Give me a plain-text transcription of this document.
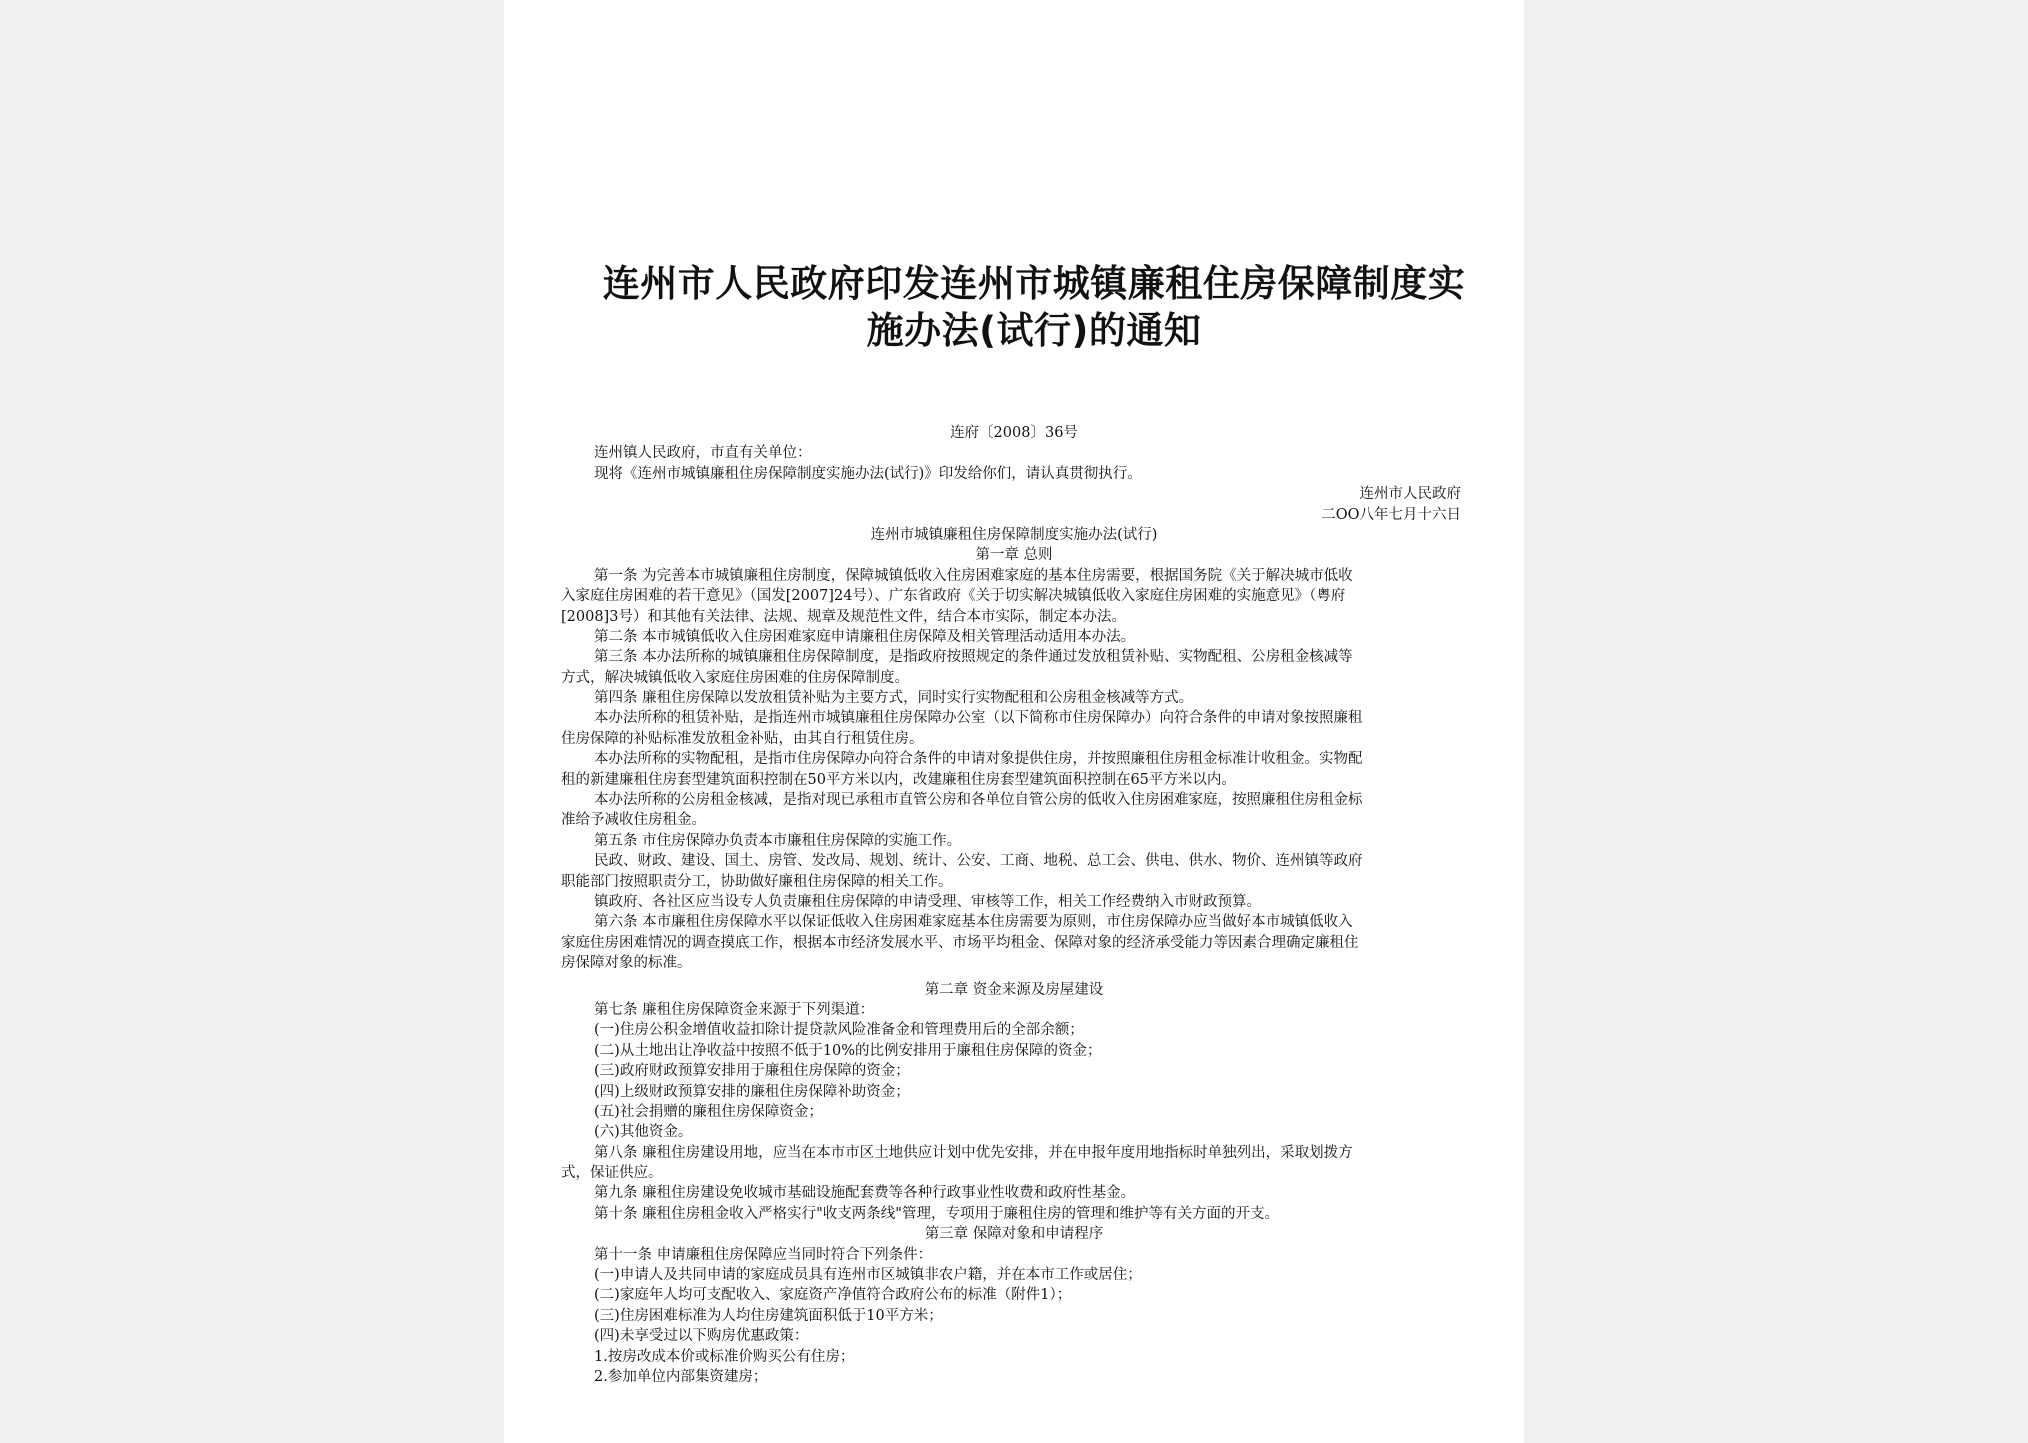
连州市人民政府印发连州市城镇廉租住房保障制度实
施办法(试行)的通知
连府〔2008〕36号
连州镇人民政府，市直有关单位：
现将《连州市城镇廉租住房保障制度实施办法(试行)》印发给你们，请认真贯彻执行。
连州市人民政府
二OO八年七月十六日
连州市城镇廉租住房保障制度实施办法(试行)
第一章 总则
第一条 为完善本市城镇廉租住房制度，保障城镇低收入住房困难家庭的基本住房需要，根据国务院《关于解决城市低收
入家庭住房困难的若干意见》（国发[2007]24号）、广东省政府《关于切实解决城镇低收入家庭住房困难的实施意见》（粤府
[2008]3号）和其他有关法律、法规、规章及规范性文件，结合本市实际，制定本办法。
第二条 本市城镇低收入住房困难家庭申请廉租住房保障及相关管理活动适用本办法。
第三条 本办法所称的城镇廉租住房保障制度，是指政府按照规定的条件通过发放租赁补贴、实物配租、公房租金核减等
方式，解决城镇低收入家庭住房困难的住房保障制度。
第四条 廉租住房保障以发放租赁补贴为主要方式，同时实行实物配租和公房租金核减等方式。
本办法所称的租赁补贴，是指连州市城镇廉租住房保障办公室（以下简称市住房保障办）向符合条件的申请对象按照廉租
住房保障的补贴标准发放租金补贴，由其自行租赁住房。
本办法所称的实物配租，是指市住房保障办向符合条件的申请对象提供住房，并按照廉租住房租金标准计收租金。实物配
租的新建廉租住房套型建筑面积控制在50平方米以内，改建廉租住房套型建筑面积控制在65平方米以内。
本办法所称的公房租金核减，是指对现已承租市直管公房和各单位自管公房的低收入住房困难家庭，按照廉租住房租金标
准给予减收住房租金。
第五条 市住房保障办负责本市廉租住房保障的实施工作。
民政、财政、建设、国土、房管、发改局、规划、统计、公安、工商、地税、总工会、供电、供水、物价、连州镇等政府
职能部门按照职责分工，协助做好廉租住房保障的相关工作。
镇政府、各社区应当设专人负责廉租住房保障的申请受理、审核等工作，相关工作经费纳入市财政预算。
第六条 本市廉租住房保障水平以保证低收入住房困难家庭基本住房需要为原则，市住房保障办应当做好本市城镇低收入
家庭住房困难情况的调查摸底工作，根据本市经济发展水平、市场平均租金、保障对象的经济承受能力等因素合理确定廉租住
房保障对象的标准。
第二章 资金来源及房屋建设
第七条 廉租住房保障资金来源于下列渠道：
(一)住房公积金增值收益扣除计提贷款风险准备金和管理费用后的全部余额；
(二)从土地出让净收益中按照不低于10%的比例安排用于廉租住房保障的资金；
(三)政府财政预算安排用于廉租住房保障的资金；
(四)上级财政预算安排的廉租住房保障补助资金；
(五)社会捐赠的廉租住房保障资金；
(六)其他资金。
第八条 廉租住房建设用地，应当在本市市区土地供应计划中优先安排，并在申报年度用地指标时单独列出，采取划拨方
式，保证供应。
第九条 廉租住房建设免收城市基础设施配套费等各种行政事业性收费和政府性基金。
第十条 廉租住房租金收入严格实行"收支两条线"管理，专项用于廉租住房的管理和维护等有关方面的开支。
第三章 保障对象和申请程序
第十一条 申请廉租住房保障应当同时符合下列条件：
(一)申请人及共同申请的家庭成员具有连州市区城镇非农户籍，并在本市工作或居住；
(二)家庭年人均可支配收入、家庭资产净值符合政府公布的标准（附件1）；
(三)住房困难标准为人均住房建筑面积低于10平方米；
(四)未享受过以下购房优惠政策：
1.按房改成本价或标准价购买公有住房；
2.参加单位内部集资建房；
